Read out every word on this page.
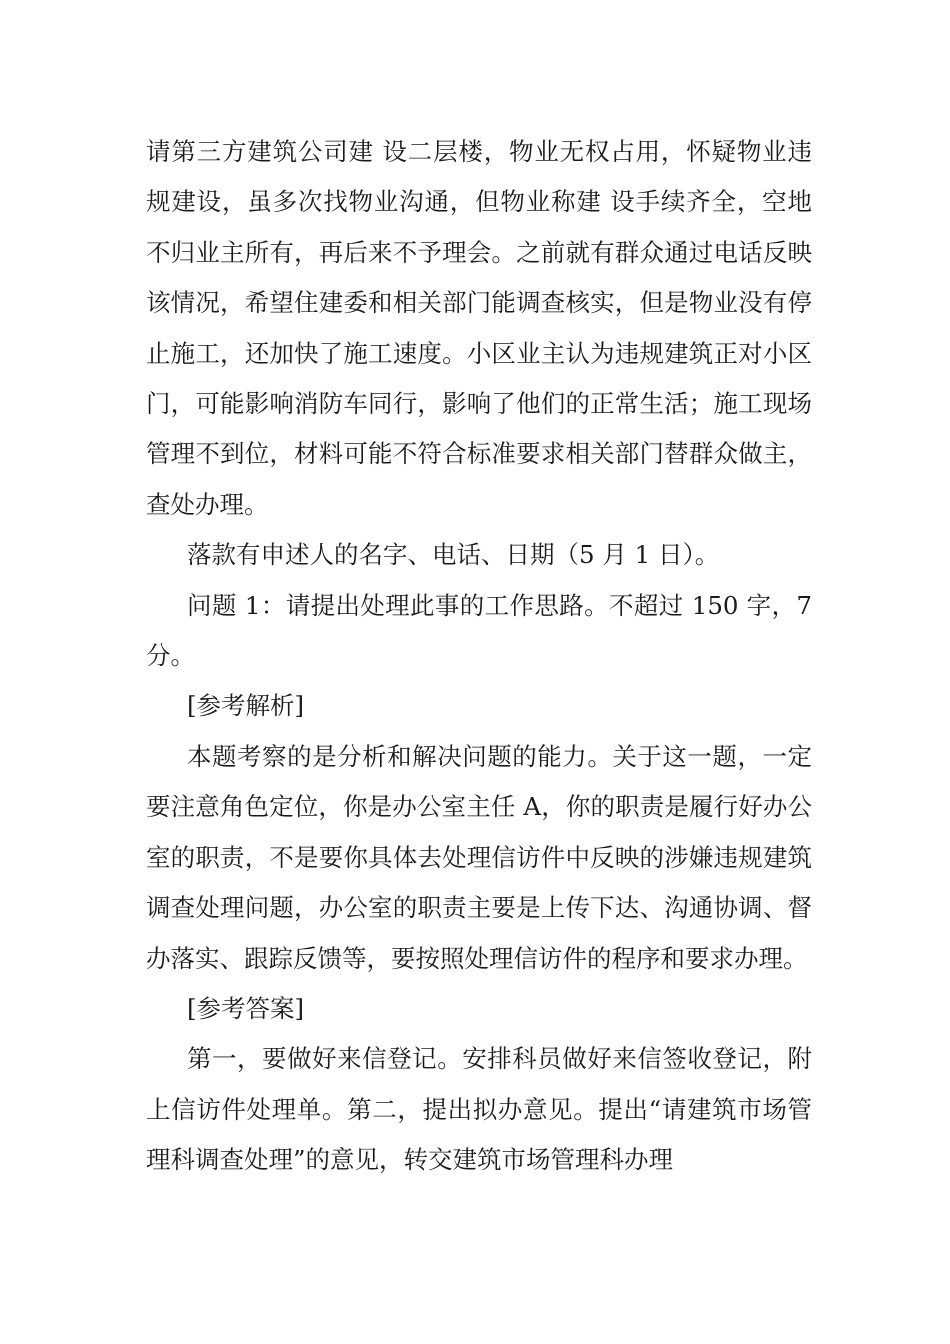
请第三方建筑公司建 设二层楼，物业无权占用，怀疑物业违规建设，虽多次找物业沟通，但物业称建 设手续齐全，空地不归业主所有，再后来不予理会。之前就有群众通过电话反映该情况，希望住建委和相关部门能调查核实，但是物业没有停止施工，还加快了施工速度。小区业主认为违规建筑正对小区门，可能影响消防车同行，影响了他们的正常生活；施工现场管理不到位，材料可能不符合标准要求相关部门替群众做主，查处办理。

落款有申述人的名字、电话、日期（5 月 1 日）。

问题 1：请提出处理此事的工作思路。不超过 150 字，7 分。

[参考解析]

本题考察的是分析和解决问题的能力。关于这一题，一定要注意角色定位，你是办公室主任 A，你的职责是履行好办公室的职责，不是要你具体去处理信访件中反映的涉嫌违规建筑调查处理问题，办公室的职责主要是上传下达、沟通协调、督办落实、跟踪反馈等，要按照处理信访件的程序和要求办理。

[参考答案]

第一，要做好来信登记。安排科员做好来信签收登记，附上信访件处理单。第二，提出拟办意见。提出“请建筑市场管理科调查处理”的意见，转交建筑市场管理科办理
